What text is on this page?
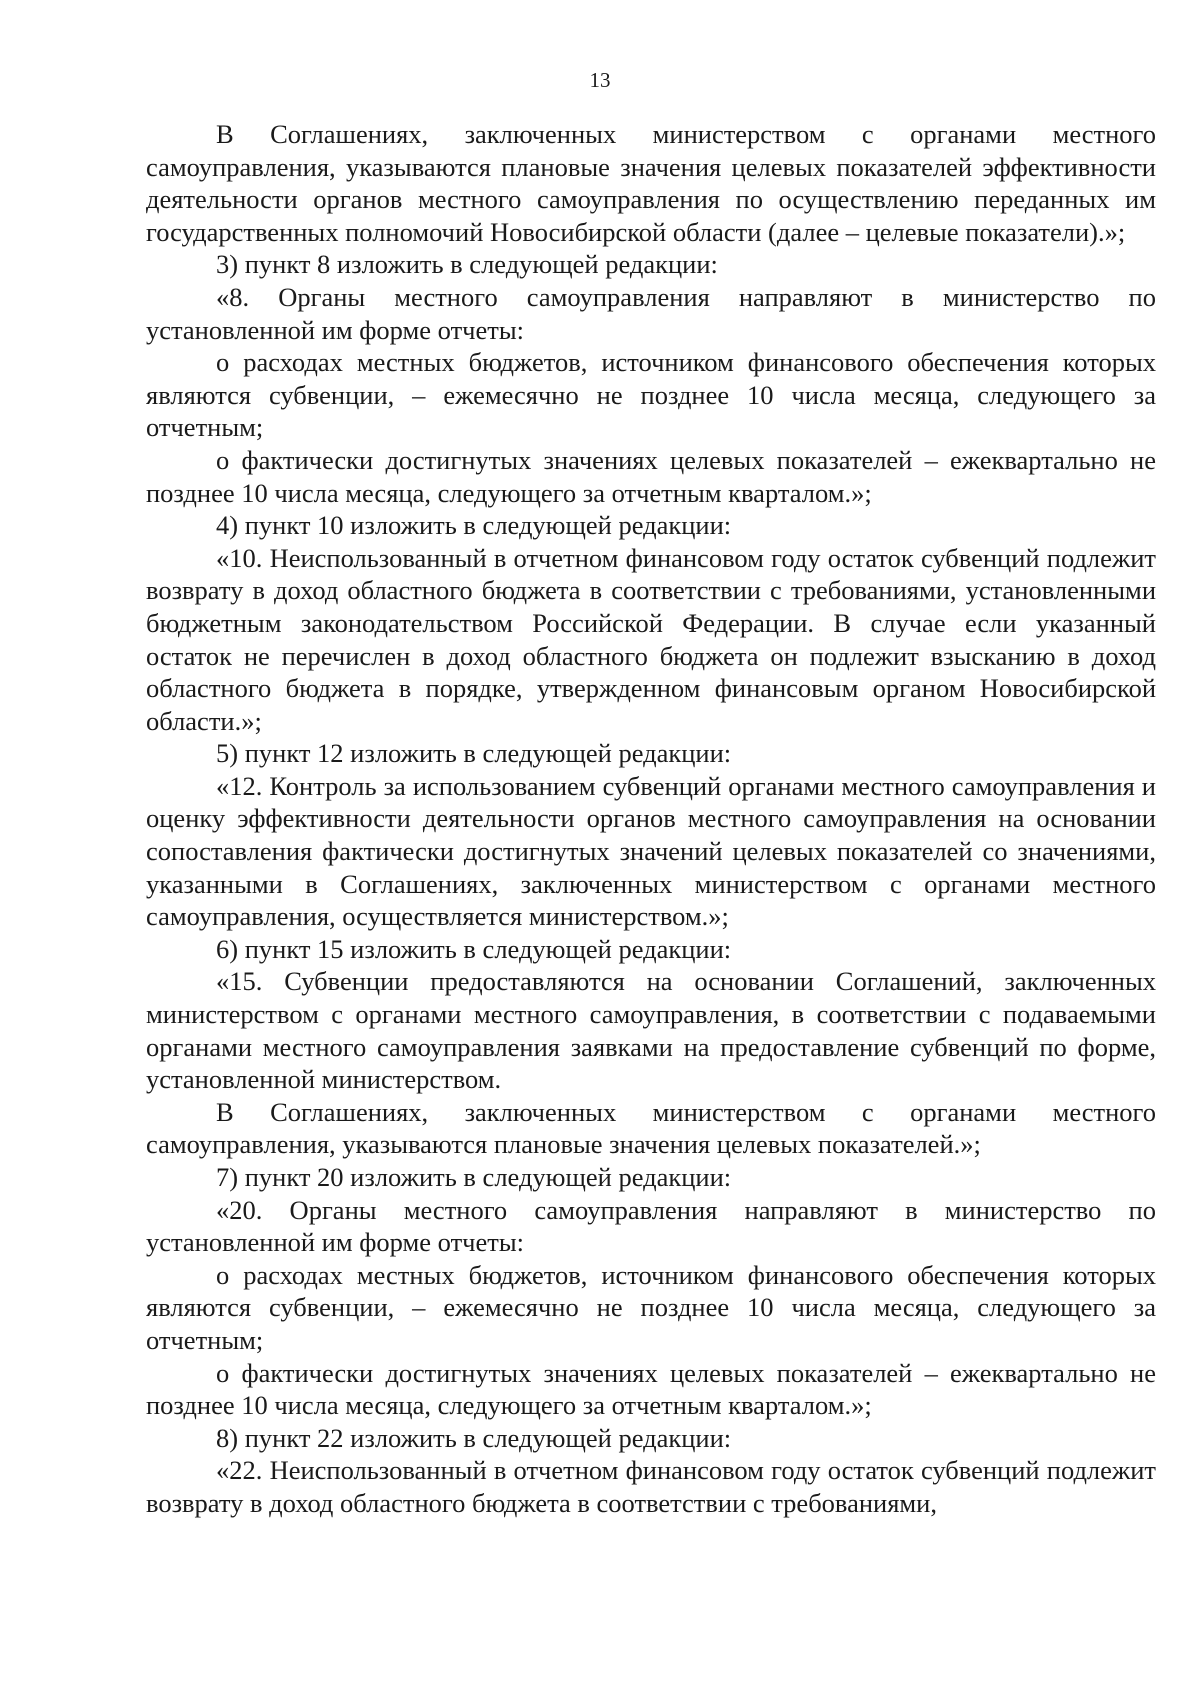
13

В Соглашениях, заключенных министерством с органами местного самоуправления, указываются плановые значения целевых показателей эффективности деятельности органов местного самоуправления по осуществлению переданных им государственных полномочий Новосибирской области (далее – целевые показатели).»;

3) пункт 8 изложить в следующей редакции:

«8. Органы местного самоуправления направляют в министерство по установленной им форме отчеты:

о расходах местных бюджетов, источником финансового обеспечения которых являются субвенции, – ежемесячно не позднее 10 числа месяца, следующего за отчетным;

о фактически достигнутых значениях целевых показателей – ежеквартально не позднее 10 числа месяца, следующего за отчетным кварталом.»;

4) пункт 10 изложить в следующей редакции:

«10. Неиспользованный в отчетном финансовом году остаток субвенций подлежит возврату в доход областного бюджета в соответствии с требованиями, установленными бюджетным законодательством Российской Федерации. В случае если указанный остаток не перечислен в доход областного бюджета он подлежит взысканию в доход областного бюджета в порядке, утвержденном финансовым органом Новосибирской области.»;

5) пункт 12 изложить в следующей редакции:

«12. Контроль за использованием субвенций органами местного самоуправления и оценку эффективности деятельности органов местного самоуправления на основании сопоставления фактически достигнутых значений целевых показателей со значениями, указанными в Соглашениях, заключенных министерством с органами местного самоуправления, осуществляется министерством.»;

6) пункт 15 изложить в следующей редакции:

«15. Субвенции предоставляются на основании Соглашений, заключенных министерством с органами местного самоуправления, в соответствии с подаваемыми органами местного самоуправления заявками на предоставление субвенций по форме, установленной министерством.

В Соглашениях, заключенных министерством с органами местного самоуправления, указываются плановые значения целевых показателей.»;

7) пункт 20 изложить в следующей редакции:

«20. Органы местного самоуправления направляют в министерство по установленной им форме отчеты:

о расходах местных бюджетов, источником финансового обеспечения которых являются субвенции, – ежемесячно не позднее 10 числа месяца, следующего за отчетным;

о фактически достигнутых значениях целевых показателей – ежеквартально не позднее 10 числа месяца, следующего за отчетным кварталом.»;

8) пункт 22 изложить в следующей редакции:

«22. Неиспользованный в отчетном финансовом году остаток субвенций подлежит возврату в доход областного бюджета в соответствии с требованиями,
